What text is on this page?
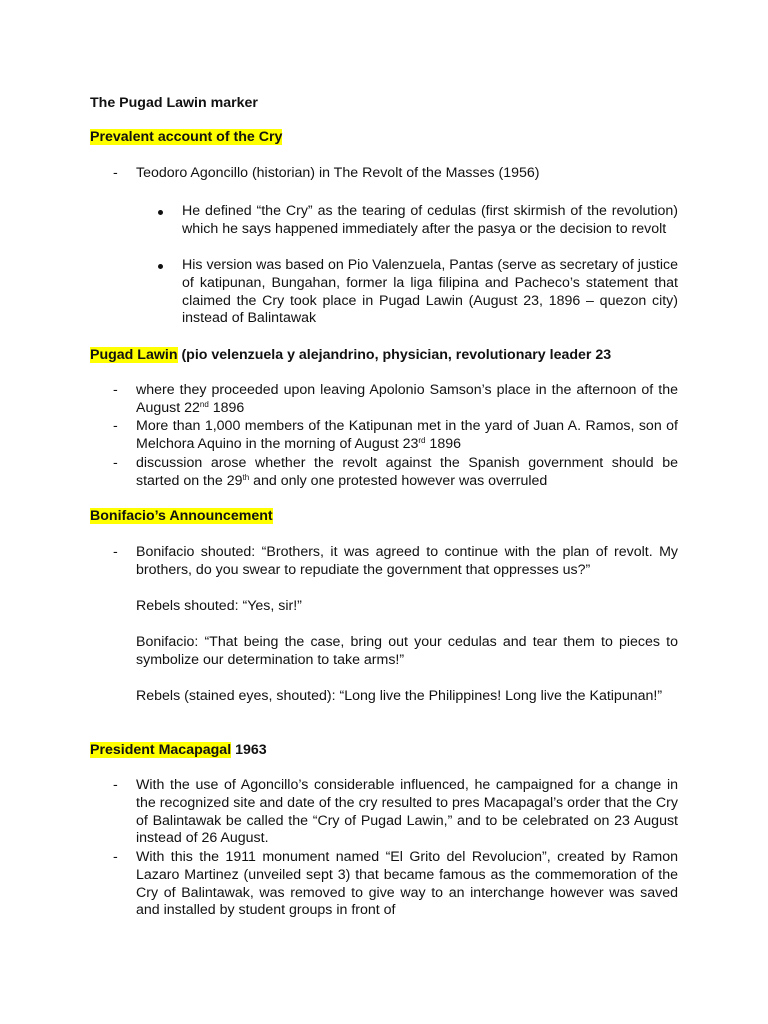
The Pugad Lawin marker
Prevalent account of the Cry
- Teodoro Agoncillo (historian) in The Revolt of the Masses (1956)
He defined “the Cry” as the tearing of cedulas (first skirmish of the revolution) which he says happened immediately after the pasya or the decision to revolt
His version was based on Pio Valenzuela, Pantas (serve as secretary of justice of katipunan, Bungahan, former la liga filipina and Pacheco’s statement that claimed the Cry took place in Pugad Lawin (August 23, 1896 – quezon city) instead of Balintawak
Pugad Lawin (pio velenzuela y alejandrino, physician, revolutionary leader 23
- where they proceeded upon leaving Apolonio Samson’s place in the afternoon of the August 22nd 1896
- More than 1,000 members of the Katipunan met in the yard of Juan A. Ramos, son of Melchora Aquino in the morning of August 23rd 1896
- discussion arose whether the revolt against the Spanish government should be started on the 29th and only one protested however was overruled
Bonifacio’s Announcement
- Bonifacio shouted: “Brothers, it was agreed to continue with the plan of revolt. My brothers, do you swear to repudiate the government that oppresses us?”
Rebels shouted: “Yes, sir!”
Bonifacio: “That being the case, bring out your cedulas and tear them to pieces to symbolize our determination to take arms!”
Rebels (stained eyes, shouted): “Long live the Philippines! Long live the Katipunan!”
President Macapagal 1963
- With the use of Agoncillo’s considerable influenced, he campaigned for a change in the recognized site and date of the cry resulted to pres Macapagal’s order that the Cry of Balintawak be called the “Cry of Pugad Lawin,” and to be celebrated on 23 August instead of 26 August.
- With this the 1911 monument named “El Grito del Revolucion”, created by Ramon Lazaro Martinez (unveiled sept 3) that became famous as the commemoration of the Cry of Balintawak, was removed to give way to an interchange however was saved and installed by student groups in front of
